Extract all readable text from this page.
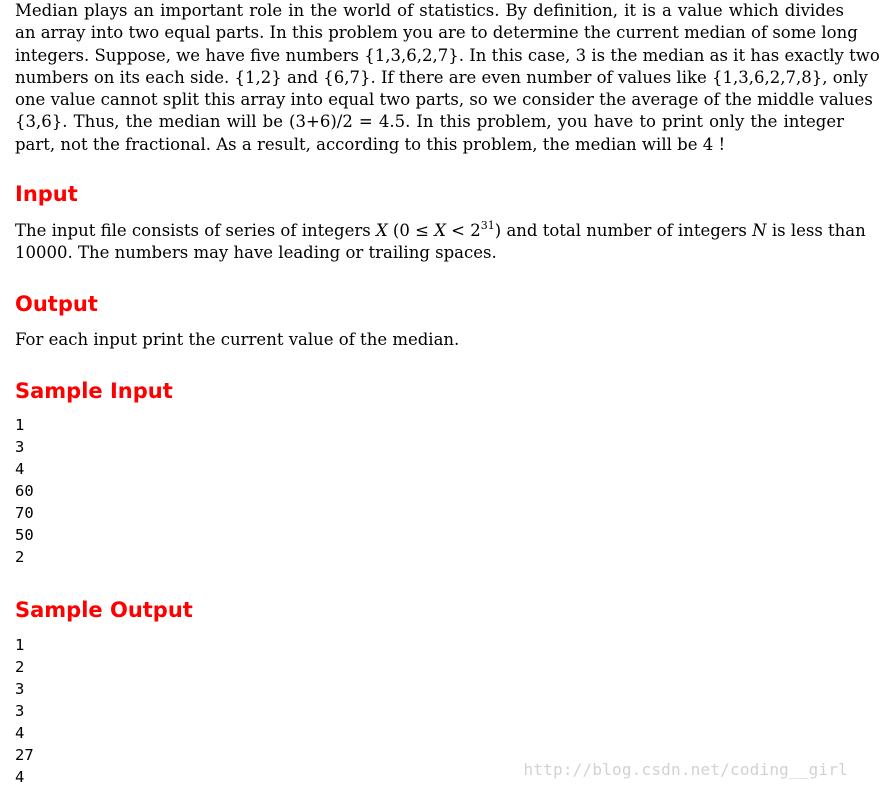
Median plays an important role in the world of statistics. By definition, it is a value which divides
an array into two equal parts. In this problem you are to determine the current median of some long
integers. Suppose, we have five numbers {1,3,6,2,7}. In this case, 3 is the median as it has exactly two
numbers on its each side. {1,2} and {6,7}. If there are even number of values like {1,3,6,2,7,8}, only
one value cannot split this array into equal two parts, so we consider the average of the middle values
{3,6}. Thus, the median will be (3+6)/2 = 4.5. In this problem, you have to print only the integer
part, not the fractional. As a result, according to this problem, the median will be 4 !
Input
The input file consists of series of integers X $(0 \le X < 2^{31})$ and total number of integers N is less than
10000. The numbers may have leading or trailing spaces.
Output

For each input print the current value of the median.

Sample Input
1
3
4
60
70
50
2
Sample Output
1
2
3
3
4
27
4	http://blog.csdn.net/coding__girl
